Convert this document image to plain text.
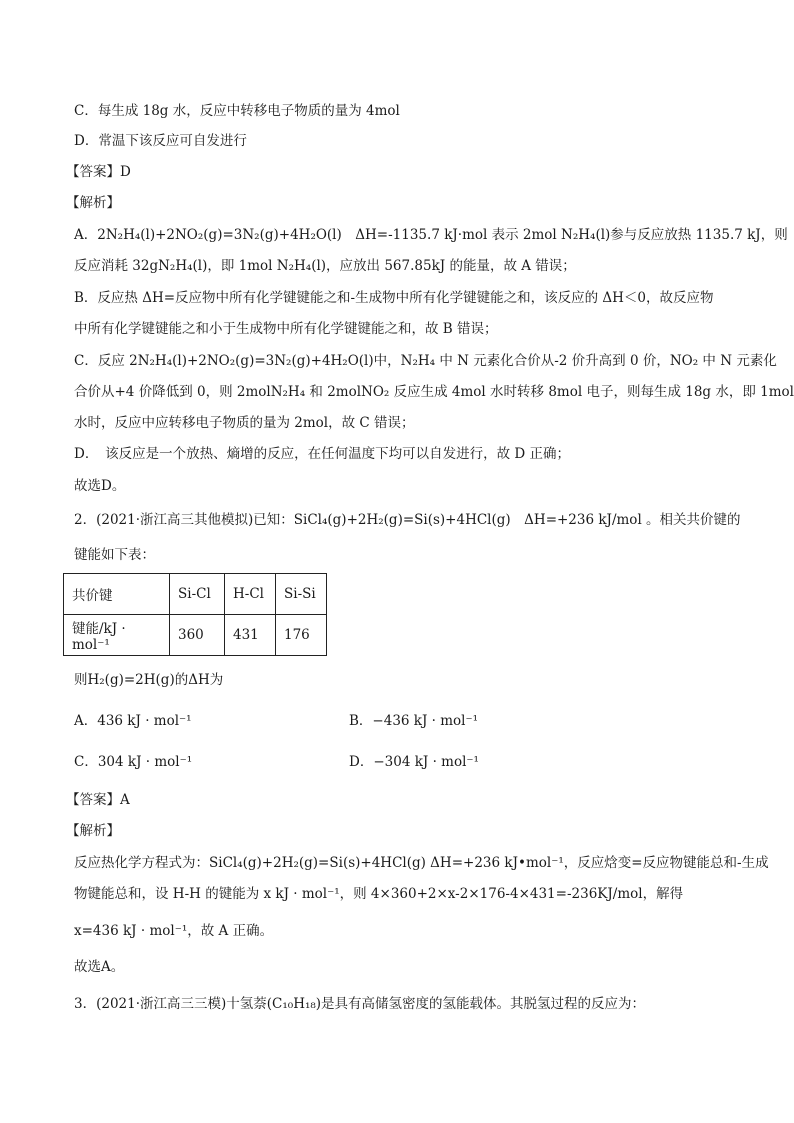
C．每生成 18g 水，反应中转移电子物质的量为 4mol
D．常温下该反应可自发进行
【答案】D
【解析】
A．2N₂H₄(l)+2NO₂(g)=3N₂(g)+4H₂O(l)　ΔH=-1135.7 kJ·mol 表示 2mol N₂H₄(l)参与反应放热 1135.7 kJ，则
反应消耗 32gN₂H₄(l)，即 1mol N₂H₄(l)，应放出 567.85kJ 的能量，故 A 错误；
B．反应热 ΔH=反应物中所有化学键键能之和-生成物中所有化学键键能之和，该反应的 ΔH＜0，故反应物
中所有化学键键能之和小于生成物中所有化学键键能之和，故 B 错误；
C．反应 2N₂H₄(l)+2NO₂(g)=3N₂(g)+4H₂O(l)中，N₂H₄ 中 N 元素化合价从-2 价升高到 0 价，NO₂ 中 N 元素化
合价从+4 价降低到 0，则 2molN₂H₄ 和 2molNO₂ 反应生成 4mol 水时转移 8mol 电子，则每生成 18g 水，即 1mol
水时，反应中应转移电子物质的量为 2mol，故 C 错误；
D．　该反应是一个放热、熵增的反应，在任何温度下均可以自发进行，故 D 正确；
故选D。
2．(2021·浙江高三其他模拟)已知：SiCl₄(g)+2H₂(g)=Si(s)+4HCl(g)　ΔH=+236 kJ/mol 。相关共价键的
键能如下表：
共价键	Si-Cl	H-Cl	Si-Si
键能/kJ · mol⁻¹	360	431	176
则H₂(g)=2H(g)的ΔH为
A．436 kJ · mol⁻¹	B．−436 kJ · mol⁻¹
C．304 kJ · mol⁻¹	D．−304 kJ · mol⁻¹
【答案】A
【解析】
反应热化学方程式为：SiCl₄(g)+2H₂(g)=Si(s)+4HCl(g) ΔH=+236 kJ•mol⁻¹，反应焓变=反应物键能总和-生成
物键能总和，设 H-H 的键能为 x kJ · mol⁻¹，则 4×360+2×x-2×176-4×431=-236KJ/mol，解得
x=436 kJ · mol⁻¹，故 A 正确。
故选A。
3．(2021·浙江高三三模)十氢萘(C₁₀H₁₈)是具有高储氢密度的氢能载体。其脱氢过程的反应为：
